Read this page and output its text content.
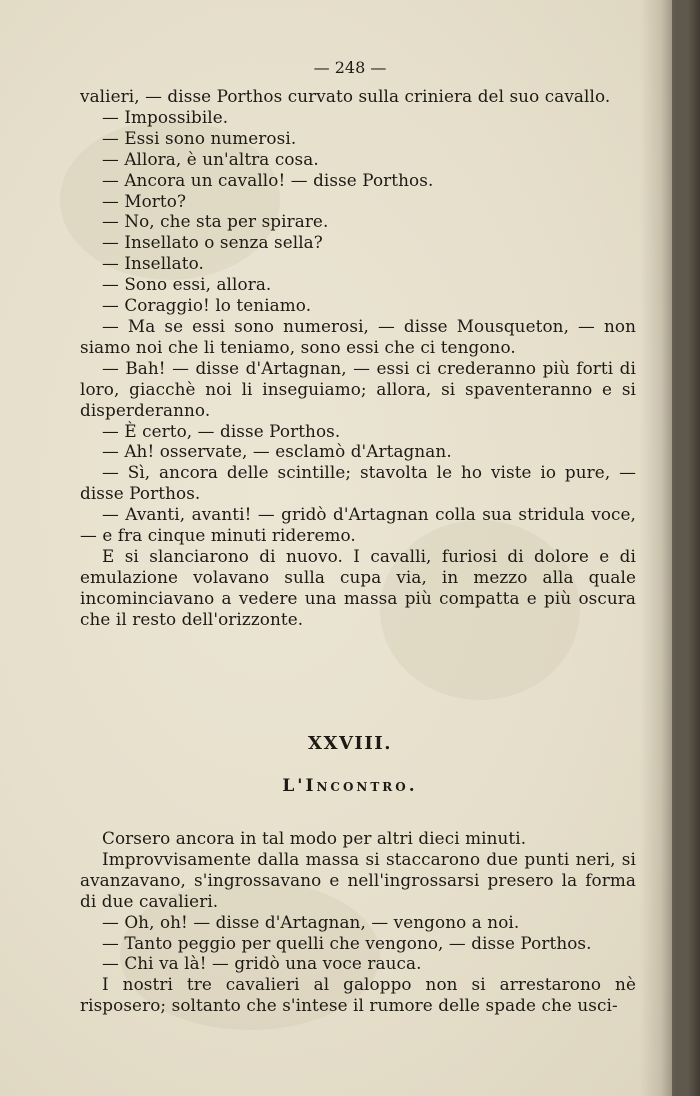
— 248 —

valieri, — disse Porthos curvato sulla criniera del suo cavallo.

— Impossibile.

— Essi sono numerosi.

— Allora, è un'altra cosa.

— Ancora un cavallo! — disse Porthos.

— Morto?

— No, che sta per spirare.

— Insellato o senza sella?

— Insellato.

— Sono essi, allora.

— Coraggio! lo teniamo.

— Ma se essi sono numerosi, — disse Mousqueton, — non siamo noi che li teniamo, sono essi che ci tengono.

— Bah! — disse d'Artagnan, — essi ci crederanno più forti di loro, giacchè noi li inseguiamo; allora, si spaventeranno e si disperderanno.

— È certo, — disse Porthos.

— Ah! osservate, — esclamò d'Artagnan.

— Sì, ancora delle scintille; stavolta le ho viste io pure, — disse Porthos.

— Avanti, avanti! — gridò d'Artagnan colla sua stridula voce, — e fra cinque minuti rideremo.

E si slanciarono di nuovo. I cavalli, furiosi di dolore e di emulazione volavano sulla cupa via, in mezzo alla quale incominciavano a vedere una massa più compatta e più oscura che il resto dell'orizzonte.

XXVIII.
L'Incontro.

Corsero ancora in tal modo per altri dieci minuti.

Improvvisamente dalla massa si staccarono due punti neri, si avanzavano, s'ingrossavano e nell'ingrossarsi presero la forma di due cavalieri.

— Oh, oh! — disse d'Artagnan, — vengono a noi.

— Tanto peggio per quelli che vengono, — disse Porthos.

— Chi va là! — gridò una voce rauca.

I nostri tre cavalieri al galoppo non si arrestarono nè risposero; soltanto che s'intese il rumore delle spade che usci-
